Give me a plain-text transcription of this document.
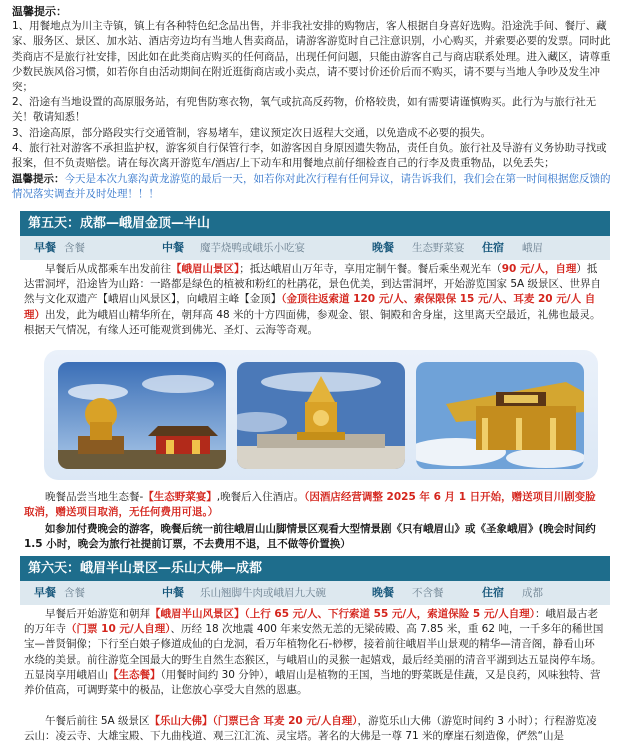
温馨提示：

1、用餐地点为川主寺镇，镇上有各种特色纪念品出售，并非我社安排的购物店，客人根据自身喜好选购。沿途洗手间、餐厅、藏家、服务区、景区、加水站、酒店旁边均有当地人售卖商品，请游客游览时自己注意识别，小心购买，并索要必要的发票。同时此类商店不是旅行社安排，因此如在此类商店购买的任何商品，出现任何问题，只能由游客自己与商店联系处理。进入藏区，请尊重少数民族风俗习惯，如若你自由活动期间在附近逛街商店或小卖点，请不要讨价还价后而不购买，请不要与当地人争吵及发生冲突；

2、沿途有当地设置的高原服务站，有兜售防寒衣物，氧气或抗高反药物，价格较贵，如有需要请谨慎购买。此行为与旅行社无关！敬请知悉！

3、沿途高原，部分路段实行交通管制，容易堵车，建议预定次日返程大交通，以免造成不必要的损失。

4、旅行社对游客不承担监护权，游客须自行保管行李，如游客因自身原因遗失物品，责任自负。旅行社及导游有义务协助寻找或报案，但不负责赔偿。请在每次离开游览车/酒店/上下动车和用餐地点前仔细检查自己的行李及贵重物品，以免丢失；

温馨提示：今天是本次九寨沟黄龙游览的最后一天，如若你对此次行程有任何异议，请告诉我们，我们会在第一时间根据您反馈的情况落实调查并及时处理！！！

第五天：成都—峨眉金顶—半山
早餐 含餐	中餐 魔芋烧鸭或峨乐小吃宴	晚餐 生态野菜宴 住宿 峨眉

早餐后从成都乘车出发前往【峨眉山景区】；抵达峨眉山万年寺，享用定制午餐。餐后乘坐观光车（90 元/人，自理）抵达雷洞坪，沿途皆为山路：一路都是绿色的植被和粉红的杜鹃花，景色优美，到达雷洞坪，开始游览国家 5A 级景区、世界自然与文化双遗产【峨眉山风景区】，向峨眉主峰【金顶】（金顶往返索道 120 元/人、索保限保 15 元/人、耳麦 20 元/人 自理）出发，此为峨眉山精华所在，朝拜高 48 米的十方四面佛，参观金、银、铜殿和舍身崖，这里离天空最近，礼佛也最灵。根据天气情况，有缘人还可能观赏到佛光、圣灯、云海等奇观。

晚餐品尝当地生态餐-【生态野菜宴】,晚餐后入住酒店。（因酒店经营调整 2025 年 6 月 1 日开始，赠送项目川剧变脸取消，赠送项目取消，无任何费用可退。）

如参加付费晚会的游客，晚餐后统一前往峨眉山山脚情景区观看大型情景剧《只有峨眉山》或《圣象峨眉》(晚会时间约 1.5 小时，晚会为旅行社提前订票，不去费用不退，且不做等价置换）

第六天：峨眉半山景区—乐山大佛—成都
早餐 含餐	中餐 乐山翘脚牛肉或峨眉九大碗	晚餐 不含餐	住宿 成都

早餐后开始游览和朝拜【峨眉半山风景区】（上行 65 元/人、下行索道 55 元/人，索道保险 5 元/人自理）：峨眉最古老的万年寺（门票 10 元/人自理）、历经 18 次地震 400 年来安然无恙的无梁砖殿、高 7.85 米，重 62 吨，一千多年的稀世国宝—普贤铜像；下行至白娘子修道成仙的白龙洞，看万年植物化石-桫椤，接着前往峨眉半山景观的精华—清音阁，静看山环水绕的美景。前往游览全国最大的野生自然生态猴区，与峨眉山的灵猴一起嬉戏，最后经美丽的清音平湖到达五显岗停车场。五显岗享用峨眉山【生态餐】（用餐时间约 30 分钟），峨眉山是植物的王国，当地的野菜既是佳蔬，又是良药，风味独特、营养价值高，可调野菜中的极品，让您放心享受大自然的恩惠。

午餐后前往 5A 级景区【乐山大佛】（门票已含 耳麦 20 元/人自理），游览乐山大佛（游览时间约 3 小时）；行程游览凌云山：凌云寺、大雄宝殿、下九曲栈道、观三江汇流、灵宝塔。著名的大佛是一尊 71 米的摩崖石刻造像，俨然“山是
